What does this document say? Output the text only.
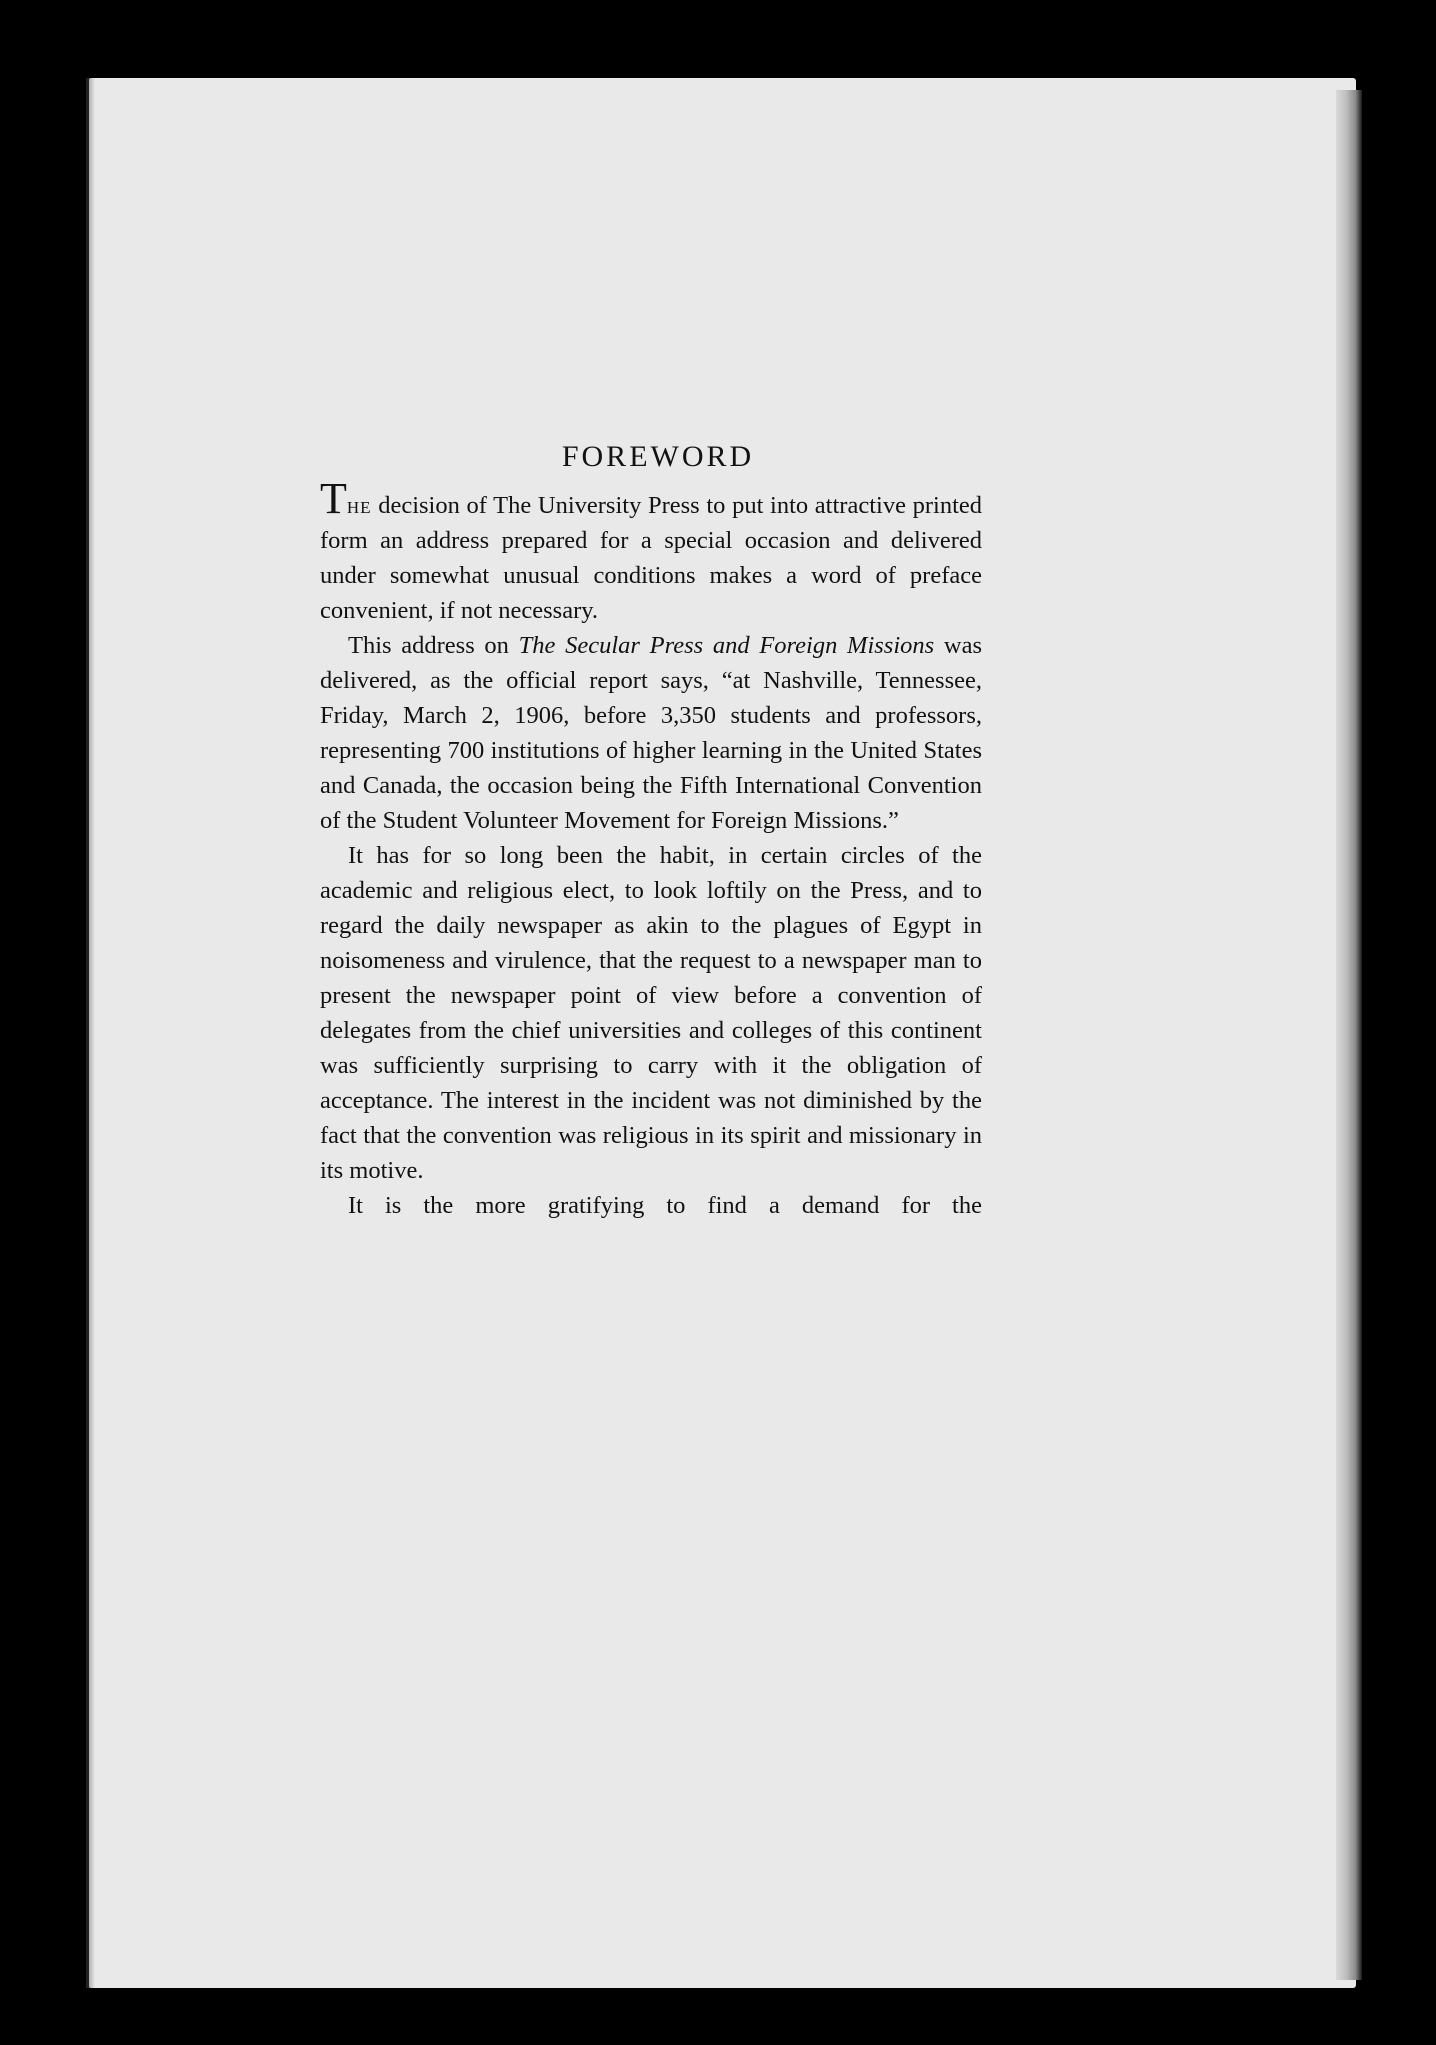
FOREWORD

The decision of The University Press to put into attractive printed form an address prepared for a special occasion and delivered under somewhat unusual conditions makes a word of preface convenient, if not necessary.

This address on The Secular Press and Foreign Missions was delivered, as the official report says, “at Nashville, Tennessee, Friday, March 2, 1906, before 3,350 students and professors, representing 700 institutions of higher learning in the United States and Canada, the occasion being the Fifth International Convention of the Student Volunteer Movement for Foreign Missions.”

It has for so long been the habit, in certain circles of the academic and religious elect, to look loftily on the Press, and to regard the daily newspaper as akin to the plagues of Egypt in noisomeness and virulence, that the request to a newspaper man to present the newspaper point of view before a convention of delegates from the chief universities and colleges of this continent was sufficiently surprising to carry with it the obligation of acceptance. The interest in the incident was not diminished by the fact that the convention was religious in its spirit and missionary in its motive.

It is the more gratifying to find a demand for the
